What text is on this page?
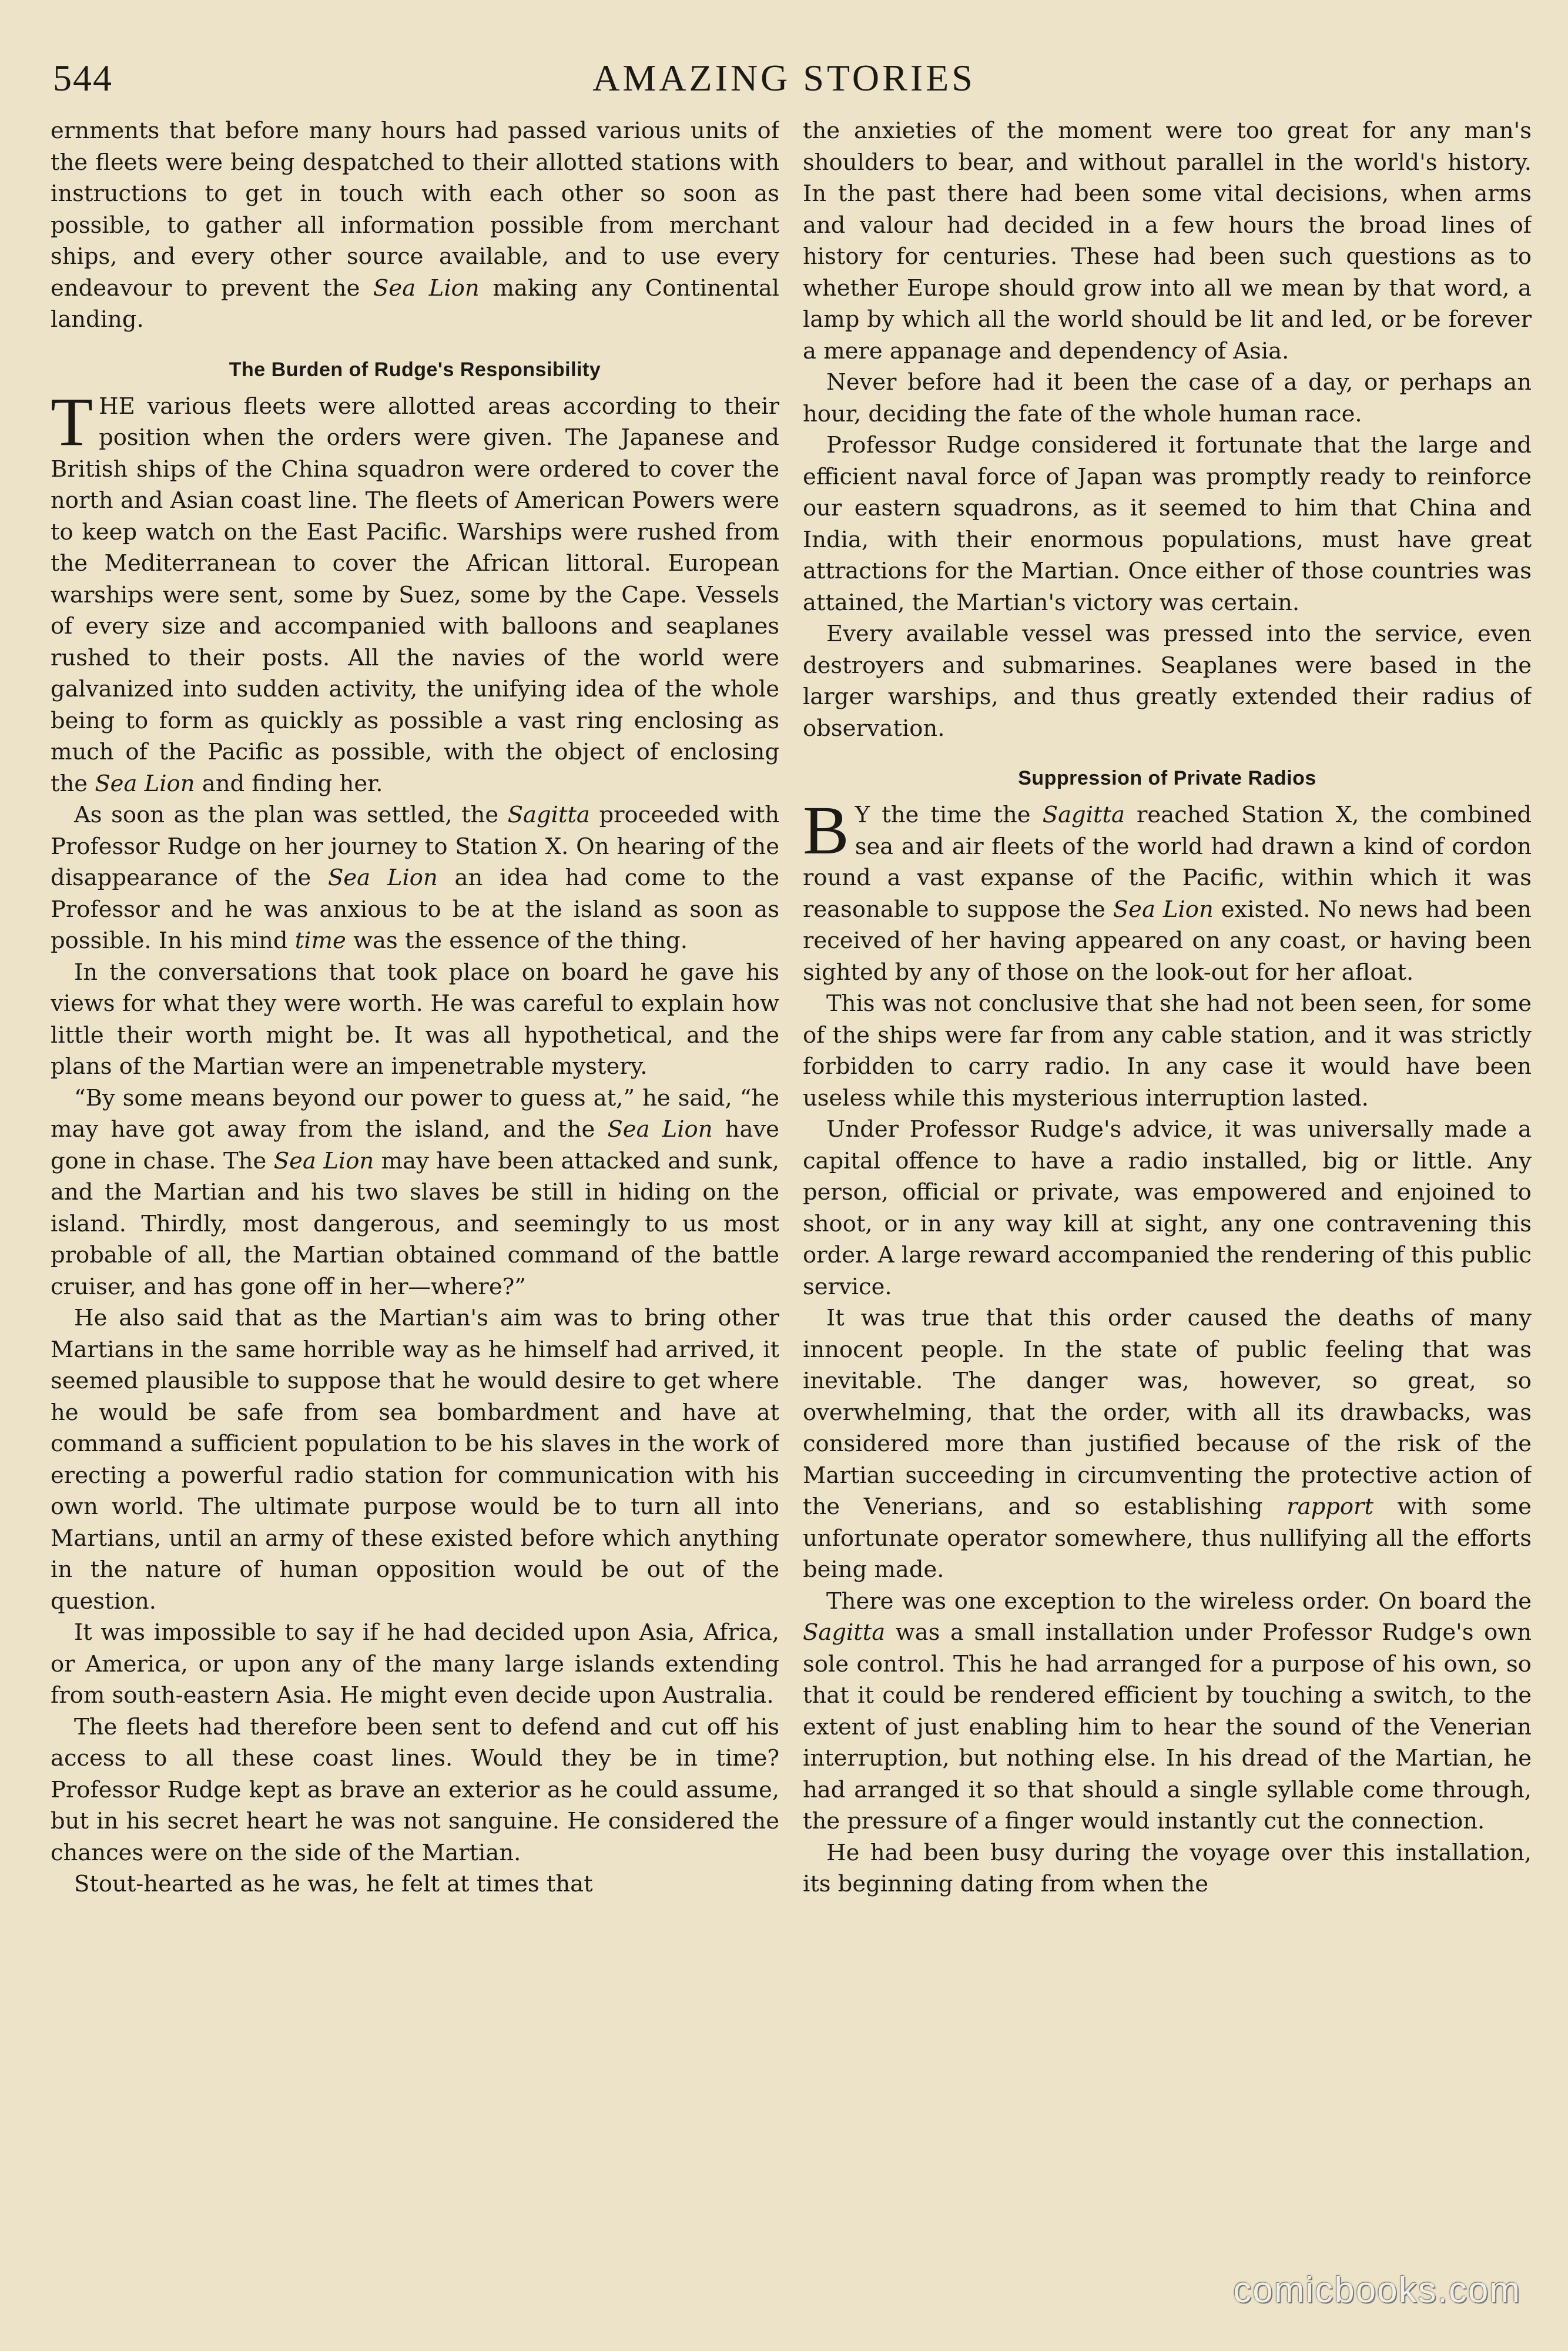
544	AMAZING STORIES

ernments that before many hours had passed various units of the fleets were being despatched to their allotted stations with instructions to get in touch with each other so soon as possible, to gather all information possible from merchant ships, and every other source available, and to use every endeavour to prevent the Sea Lion making any Continental landing.

The Burden of Rudge's Responsibility

THE various fleets were allotted areas according to their position when the orders were given. The Japanese and British ships of the China squadron were ordered to cover the north and Asian coast line. The fleets of American Powers were to keep watch on the East Pacific. Warships were rushed from the Mediterranean to cover the African littoral. European warships were sent, some by Suez, some by the Cape. Vessels of every size and accompanied with balloons and seaplanes rushed to their posts. All the navies of the world were galvanized into sudden activity, the unifying idea of the whole being to form as quickly as possible a vast ring enclosing as much of the Pacific as possible, with the object of enclosing the Sea Lion and finding her.

As soon as the plan was settled, the Sagitta proceeded with Professor Rudge on her journey to Station X. On hearing of the disappearance of the Sea Lion an idea had come to the Professor and he was anxious to be at the island as soon as possible. In his mind time was the essence of the thing.

In the conversations that took place on board he gave his views for what they were worth. He was careful to explain how little their worth might be. It was all hypothetical, and the plans of the Martian were an impenetrable mystery.

“By some means beyond our power to guess at,” he said, “he may have got away from the island, and the Sea Lion have gone in chase. The Sea Lion may have been attacked and sunk, and the Martian and his two slaves be still in hiding on the island. Thirdly, most dangerous, and seemingly to us most probable of all, the Martian obtained command of the battle cruiser, and has gone off in her—where?”

He also said that as the Martian's aim was to bring other Martians in the same horrible way as he himself had arrived, it seemed plausible to suppose that he would desire to get where he would be safe from sea bombardment and have at command a sufficient population to be his slaves in the work of erecting a powerful radio station for communication with his own world. The ultimate purpose would be to turn all into Martians, until an army of these existed before which anything in the nature of human opposition would be out of the question.

It was impossible to say if he had decided upon Asia, Africa, or America, or upon any of the many large islands extending from south-eastern Asia. He might even decide upon Australia.

The fleets had therefore been sent to defend and cut off his access to all these coast lines. Would they be in time? Professor Rudge kept as brave an exterior as he could assume, but in his secret heart he was not sanguine. He considered the chances were on the side of the Martian.

Stout-hearted as he was, he felt at times that

the anxieties of the moment were too great for any man's shoulders to bear, and without parallel in the world's history. In the past there had been some vital decisions, when arms and valour had decided in a few hours the broad lines of history for centuries. These had been such questions as to whether Europe should grow into all we mean by that word, a lamp by which all the world should be lit and led, or be forever a mere appanage and dependency of Asia.

Never before had it been the case of a day, or perhaps an hour, deciding the fate of the whole human race.

Professor Rudge considered it fortunate that the large and efficient naval force of Japan was promptly ready to reinforce our eastern squadrons, as it seemed to him that China and India, with their enormous populations, must have great attractions for the Martian. Once either of those countries was attained, the Martian's victory was certain.

Every available vessel was pressed into the service, even destroyers and submarines. Seaplanes were based in the larger warships, and thus greatly extended their radius of observation.

Suppression of Private Radios

B Y the time the Sagitta reached Station X, the combined sea and air fleets of the world had drawn a kind of cordon round a vast expanse of the Pacific, within which it was reasonable to suppose the Sea Lion existed. No news had been received of her having appeared on any coast, or having been sighted by any of those on the look-out for her afloat.

This was not conclusive that she had not been seen, for some of the ships were far from any cable station, and it was strictly forbidden to carry radio. In any case it would have been useless while this mysterious interruption lasted.

Under Professor Rudge's advice, it was universally made a capital offence to have a radio installed, big or little. Any person, official or private, was empowered and enjoined to shoot, or in any way kill at sight, any one contravening this order. A large reward accompanied the rendering of this public service.

It was true that this order caused the deaths of many innocent people. In the state of public feeling that was inevitable. The danger was, however, so great, so overwhelming, that the order, with all its drawbacks, was considered more than justified because of the risk of the Martian succeeding in circumventing the protective action of the Venerians, and so establishing rapport with some unfortunate operator somewhere, thus nullifying all the efforts being made.

There was one exception to the wireless order. On board the Sagitta was a small installation under Professor Rudge's own sole control. This he had arranged for a purpose of his own, so that it could be rendered efficient by touching a switch, to the extent of just enabling him to hear the sound of the Venerian interruption, but nothing else. In his dread of the Martian, he had arranged it so that should a single syllable come through, the pressure of a finger would instantly cut the connection.

He had been busy during the voyage over this installation, its beginning dating from when the

comicbooks.com
